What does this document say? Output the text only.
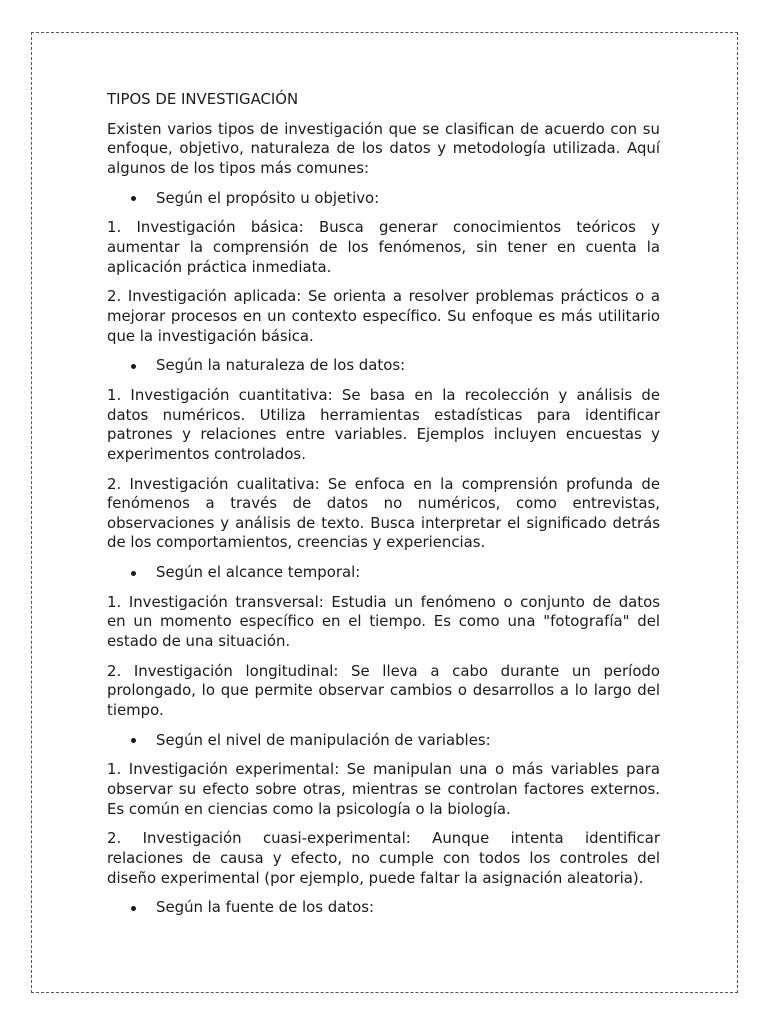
TIPOS DE INVESTIGACIÓN
Existen varios tipos de investigación que se clasifican de acuerdo con su
enfoque, objetivo, naturaleza de los datos y metodología utilizada. Aquí
algunos de los tipos más comunes:
Según el propósito u objetivo:
1. Investigación básica: Busca generar conocimientos teóricos y
aumentar la comprensión de los fenómenos, sin tener en cuenta la
aplicación práctica inmediata.
2. Investigación aplicada: Se orienta a resolver problemas prácticos o a
mejorar procesos en un contexto específico. Su enfoque es más utilitario
que la investigación básica.
Según la naturaleza de los datos:
1. Investigación cuantitativa: Se basa en la recolección y análisis de
datos numéricos. Utiliza herramientas estadísticas para identificar
patrones y relaciones entre variables. Ejemplos incluyen encuestas y
experimentos controlados.
2. Investigación cualitativa: Se enfoca en la comprensión profunda de
fenómenos a través de datos no numéricos, como entrevistas,
observaciones y análisis de texto. Busca interpretar el significado detrás
de los comportamientos, creencias y experiencias.
Según el alcance temporal:
1. Investigación transversal: Estudia un fenómeno o conjunto de datos
en un momento específico en el tiempo. Es como una "fotografía" del
estado de una situación.
2. Investigación longitudinal: Se lleva a cabo durante un período
prolongado, lo que permite observar cambios o desarrollos a lo largo del
tiempo.
Según el nivel de manipulación de variables:
1. Investigación experimental: Se manipulan una o más variables para
observar su efecto sobre otras, mientras se controlan factores externos.
Es común en ciencias como la psicología o la biología.
2. Investigación cuasi-experimental: Aunque intenta identificar
relaciones de causa y efecto, no cumple con todos los controles del
diseño experimental (por ejemplo, puede faltar la asignación aleatoria).
Según la fuente de los datos:
